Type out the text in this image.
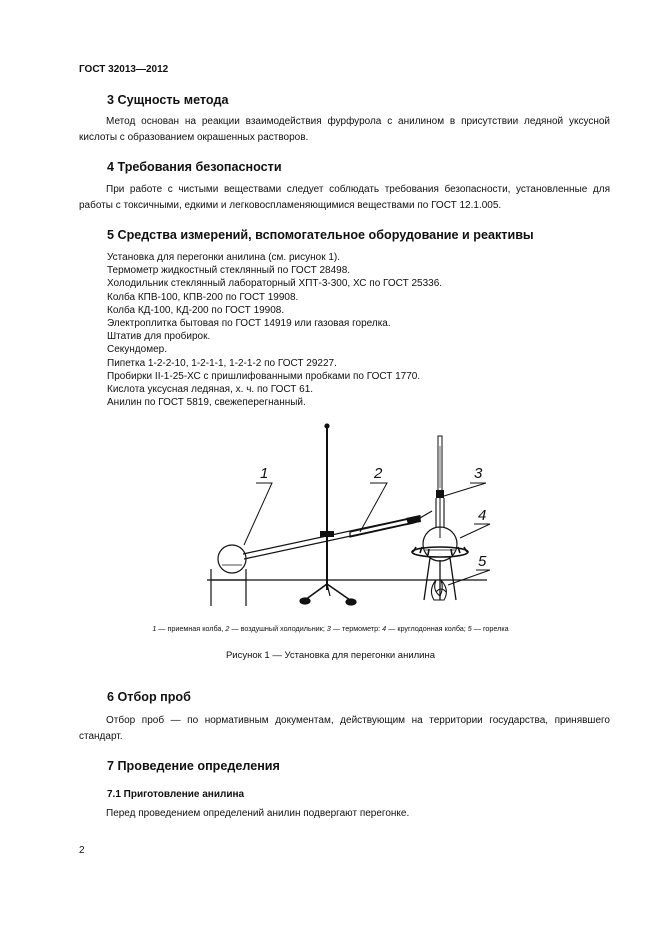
ГОСТ 32013—2012
3 Сущность метода
Метод основан на реакции взаимодействия фурфурола с анилином в присутствии ледяной уксусной кислоты с образованием окрашенных растворов.
4 Требования безопасности
При работе с чистыми веществами следует соблюдать требования безопасности, установленные для работы с токсичными, едкими и легковоспламеняющимися веществами по ГОСТ 12.1.005.
5 Средства измерений, вспомогательное оборудование и реактивы
Установка для перегонки анилина (см. рисунок 1).
Термометр жидкостный стеклянный по ГОСТ 28498.
Холодильник стеклянный лабораторный ХПТ-3-300, ХС по ГОСТ 25336.
Колба КПВ-100, КПВ-200 по ГОСТ 19908.
Колба КД-100, КД-200 по ГОСТ 19908.
Электроплитка бытовая по ГОСТ 14919 или газовая горелка.
Штатив для пробирок.
Секундомер.
Пипетка 1-2-2-10, 1-2-1-1, 1-2-1-2 по ГОСТ 29227.
Пробирки II-1-25-ХС с пришлифованными пробками по ГОСТ 1770.
Кислота уксусная ледяная, х. ч. по ГОСТ 61.
Анилин по ГОСТ 5819, свежеперегнанный.
1	2	3
4
5
1 — приемная колба, 2 — воздушный холодильник; 3 — термометр: 4 — круглодонная колба; 5 — горелка
Рисунок 1 — Установка для перегонки анилина
6 Отбор проб
Отбор проб — по нормативным документам, действующим на территории государства, принявшего стандарт.
7 Проведение определения
7.1 Приготовление анилина
Перед проведением определений анилин подвергают перегонке.
2
